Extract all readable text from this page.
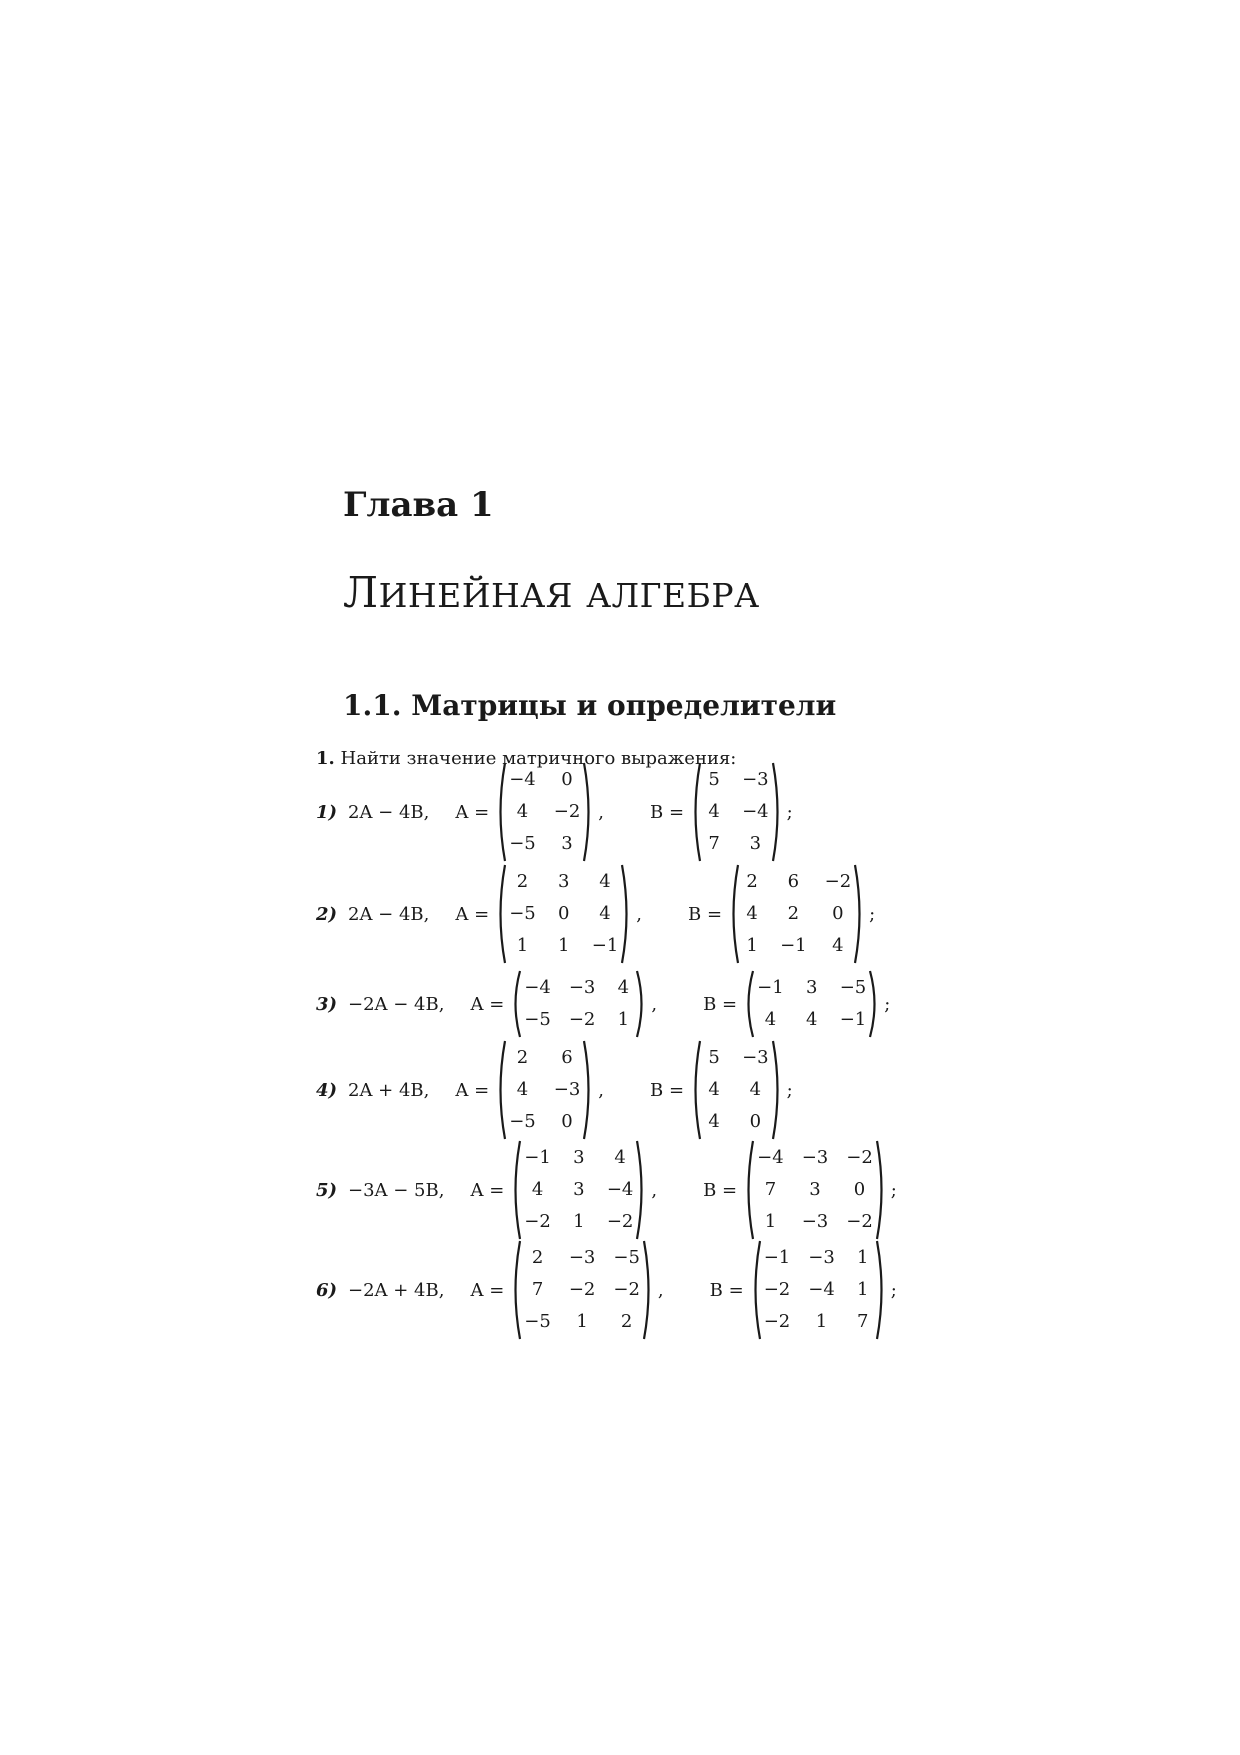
Глава 1
ЛИНЕЙНАЯ АЛГЕБРА
1.1. Матрицы и определители
1. Найти значение матричного выражения:
1) 2A − 4B, A =
−4	0
4	−2
−5	3
,	B =
5 −3
4 −4
7	3
;
2) 2A − 4B, A =
2	3	4
−5 0	4
1	1 −1
,	B =
2	6	−2
4	2	0
1 −1	4
;
3) −2A − 4B, A =
−4 −3 4
−5 −2 1
,	B =
−1 3 −5
4	4 −1
;
4) 2A + 4B, A =
2	6
4	−3
−5	0
,	B =
5 −3
4	4
4	0
;
5) −3A − 5B, A =
−1 3	4
4	3 −4
−2 1 −2
,	B =
−4 −3 −2
7	3	0
1	−3 −2
;
6) −2A + 4B, A =
2	−3 −5
7	−2 −2
−5	1	2
,	B =
−1 −3 1
−2 −4 1
−2	1	7
;
